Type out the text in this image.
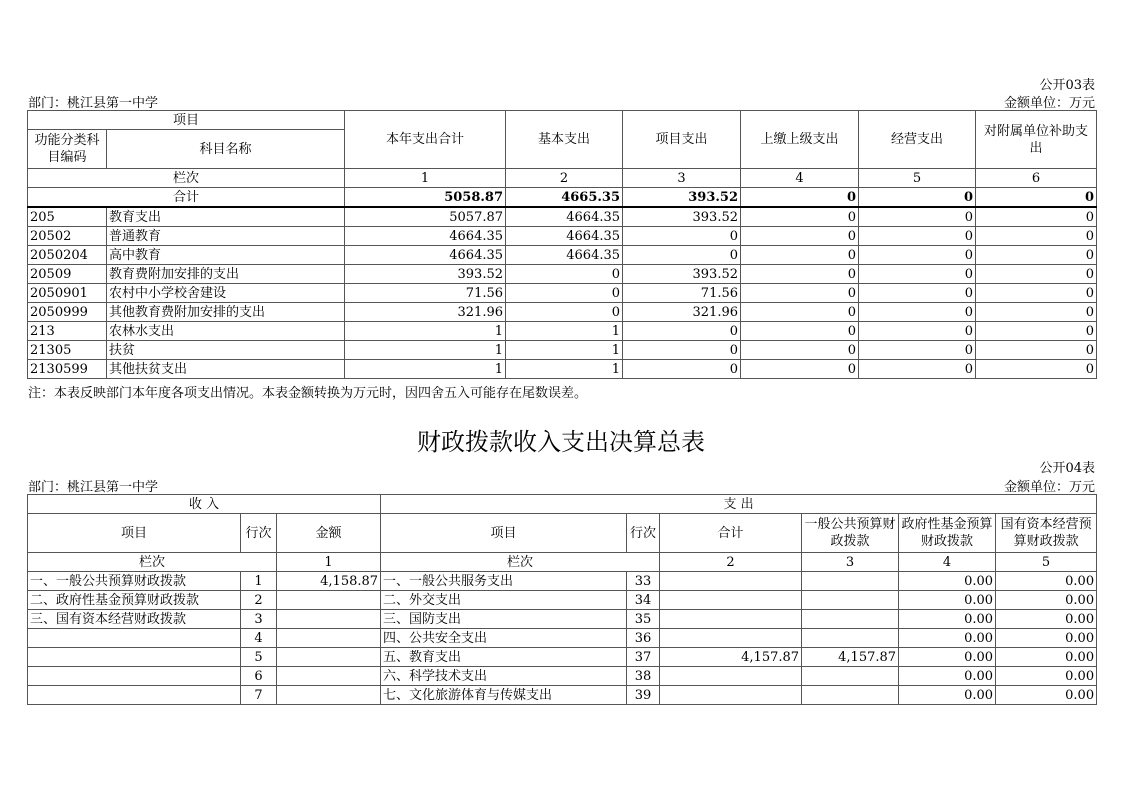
公开03表
部门：桃江县第一中学	金额单位：万元
项目		本年支出合计	基本支出	项目支出	上缴上级支出	经营支出	对附属单位补助支出
功能分类科目编码	科目名称						
栏次		1	2	3	4	5	6
合计		5058.87	4665.35	393.52	0	0	0
205	教育支出	5057.87	4664.35	393.52	0	0	0
20502	普通教育	4664.35	4664.35	0	0	0	0
2050204	高中教育	4664.35	4664.35	0	0	0	0
20509	教育费附加安排的支出	393.52	0	393.52	0	0	0
2050901	农村中小学校舍建设	71.56	0	71.56	0	0	0
2050999	其他教育费附加安排的支出	321.96	0	321.96	0	0	0
213	农林水支出	1	1	0	0	0	0
21305	扶贫	1	1	0	0	0	0
2130599	其他扶贫支出	1	1	0	0	0	0
注：本表反映部门本年度各项支出情况。本表金额转换为万元时，因四舍五入可能存在尾数误差。
财政拨款收入支出决算总表
公开04表
部门：桃江县第一中学	金额单位：万元
收 入			支 出					
项目	行次	金额	项目	行次	合计	一般公共预算财政拨款	政府性基金预算财政拨款	国有资本经营预算财政拨款
栏次		1	栏次		2	3	4	5
一、一般公共预算财政拨款	1	4,158.87	一、一般公共服务支出	33			0.00	0.00
二、政府性基金预算财政拨款	2		二、外交支出	34			0.00	0.00
三、国有资本经营财政拨款	3		三、国防支出	35			0.00	0.00
	4		四、公共安全支出	36			0.00	0.00
	5		五、教育支出	37	4,157.87	4,157.87	0.00	0.00
	6		六、科学技术支出	38			0.00	0.00
	7		七、文化旅游体育与传媒支出	39			0.00	0.00
